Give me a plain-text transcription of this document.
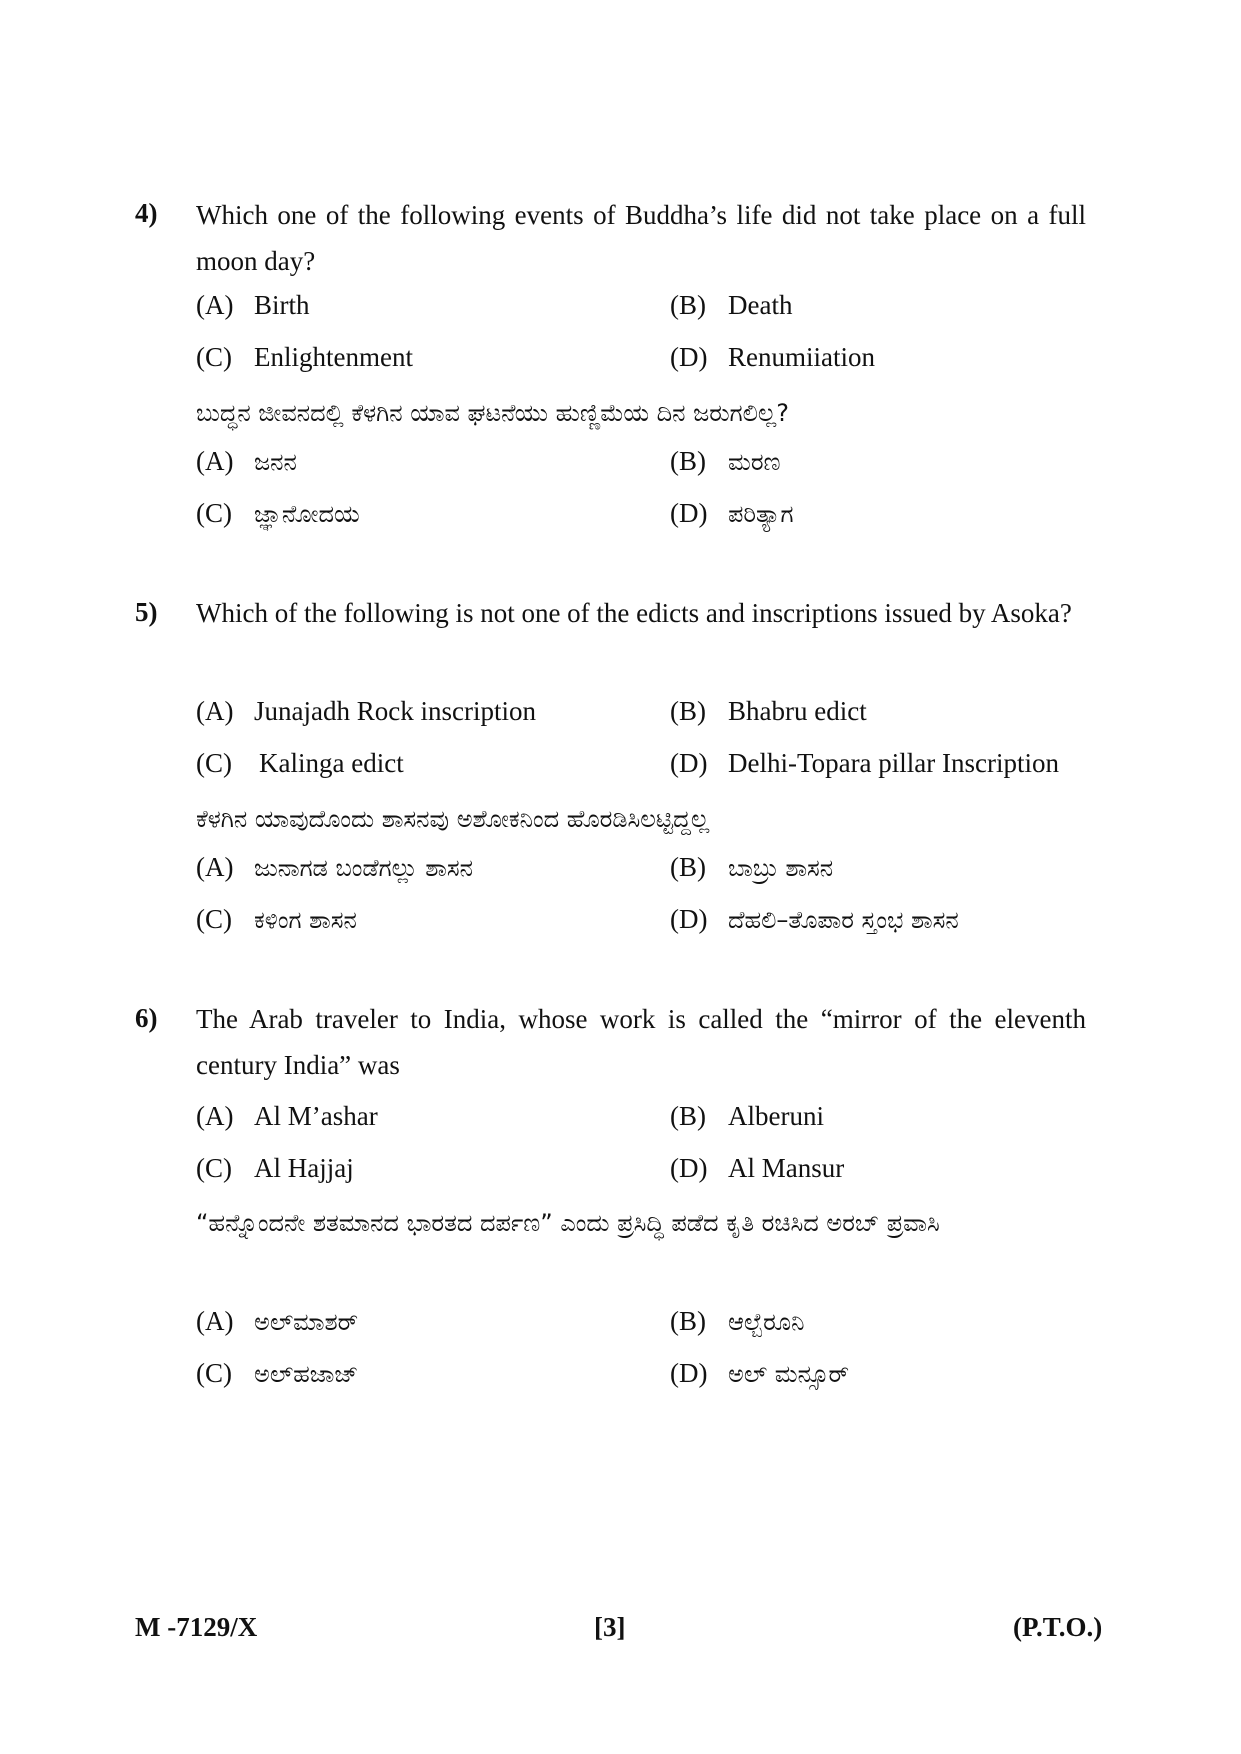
4) Which one of the following events of Buddha’s life did not take place on a full moon day?
(A) Birth	(B) Death
(C) Enlightenment	(D) Renumiiation
ಬುದ್ಧನ ಜೀವನದಲ್ಲಿ ಕೆಳಗಿನ ಯಾವ ಘಟನೆಯು ಹುಣ್ಣಿಮೆಯ ದಿನ ಜರುಗಲಿಲ್ಲ?
(A) ಜನನ	(B) ಮರಣ
(C) ಜ್ಞಾನೋದಯ	(D) ಪರಿತ್ಯಾಗ
5) Which of the following is not one of the edicts and inscriptions issued by Asoka?
(A) Junajadh Rock inscription	(B) Bhabru edict
(C) Kalinga edict	(D) Delhi-Topara pillar Inscription
ಕೆಳಗಿನ ಯಾವುದೊಂದು ಶಾಸನವು ಅಶೋಕನಿಂದ ಹೊರಡಿಸಿಲಟ್ಟಿದ್ದಲ್ಲ
(A) ಜುನಾಗಡ ಬಂಡೆಗಲ್ಲು ಶಾಸನ	(B) ಬಾಬ್ರು ಶಾಸನ
(C) ಕಳಿಂಗ ಶಾಸನ	(D) ದೆಹಲಿ–ತೊಪಾರ ಸ್ತಂಭ ಶಾಸನ
6) The Arab traveler to India, whose work is called the “mirror of the eleventh century India” was
(A) Al M’ashar	(B) Alberuni
(C) Al Hajjaj	(D) Al Mansur
“ಹನ್ನೊಂದನೇ ಶತಮಾನದ ಭಾರತದ ದರ್ಪಣ” ಎಂದು ಪ್ರಸಿದ್ಧಿ ಪಡೆದ ಕೃತಿ ರಚಿಸಿದ ಅರಬ್ ಪ್ರವಾಸಿ
(A) ಅಲ್‌ಮಾಶರ್	(B) ಆಲ್ಬೆರೂನಿ
(C) ಅಲ್‌ಹಜಾಜ್	(D) ಅಲ್ ಮನ್ಸೂರ್
M -7129/X	[3]	(P.T.O.)
